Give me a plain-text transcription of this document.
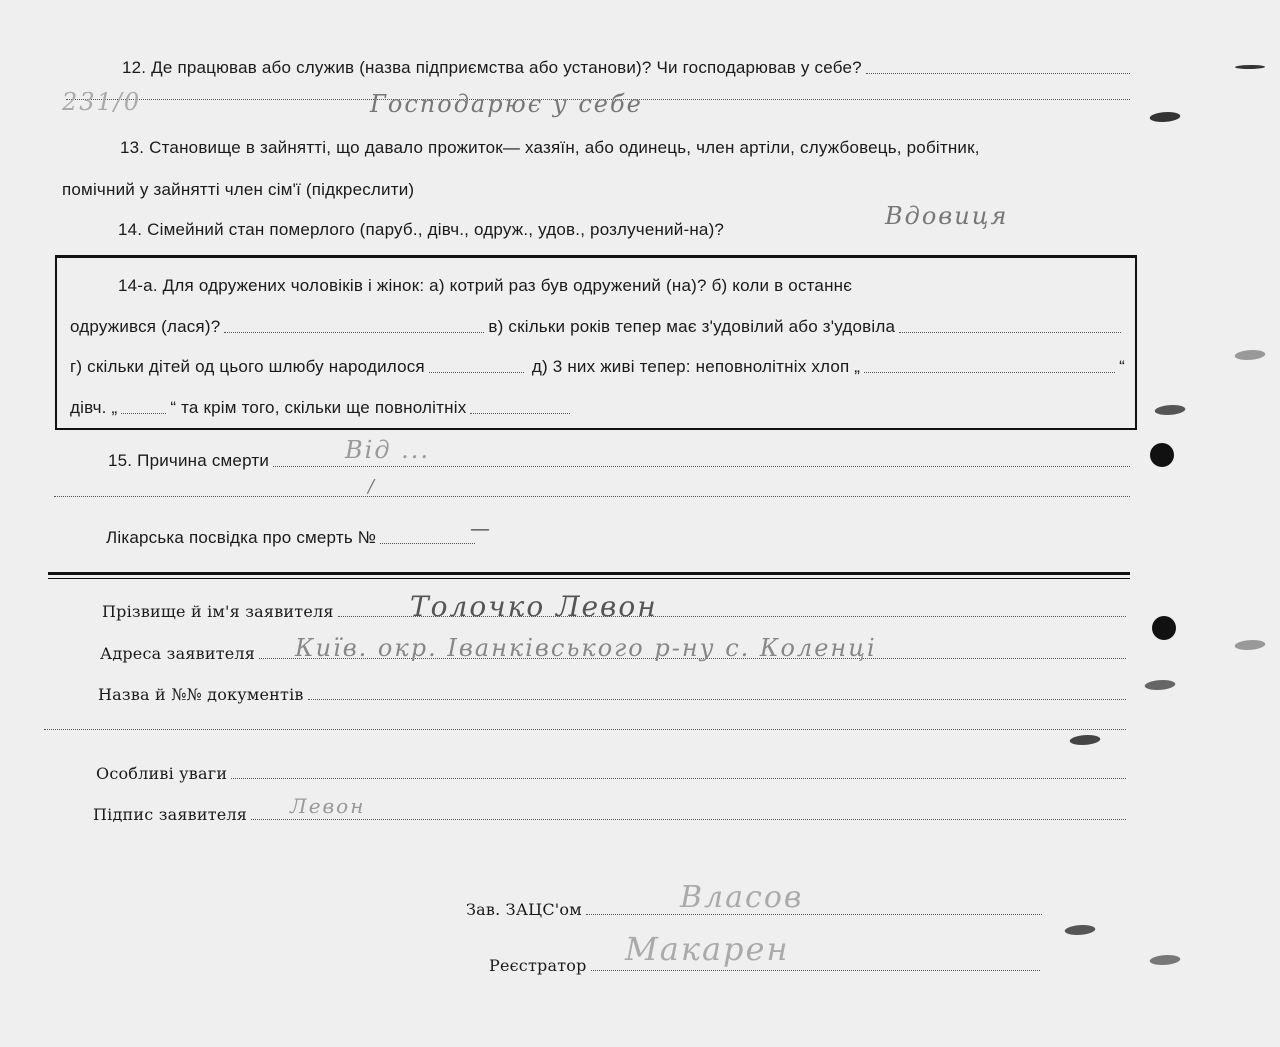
12. Де працював або служив (назва підприємства або установи)? Чи господарював у себе?
231/0	Господарює у себе
13. Становище в зайнятті, що давало прожиток— хазяїн, або одинець, член артіли, службовець, робітник,
помічний у зайнятті член сім'ї (підкреслити)
14. Сімейний стан померлого (паруб., дівч., одруж., удов., розлучений-на)?	Вдовиця
14-а. Для одружених чоловіків і жінок: а) котрий раз був одружений (на)? б) коли в останнє
одружився (лася)?	в) скільки років тепер має з'удовілий або з'удовіла
г) скільки дітей од цього шлюбу народилося	д) 3 них живі тепер: неповнолітніх хлоп „	“
дівч. „	“ та крім того, скільки ще повнолітніх
15. Причина смерти	Від ...
/
Лікарська посвідка про смерть №	—
Прізвище й ім'я заявителя	Толочко Левон
Адреса заявителя Київ. окр. Іванківського р-ну с. Коленці
Назва й №№ документів
Особливі уваги
Підпис заявителя Левон
Зав. ЗАЦС'ом	Власов
Реєстратор Макарен
